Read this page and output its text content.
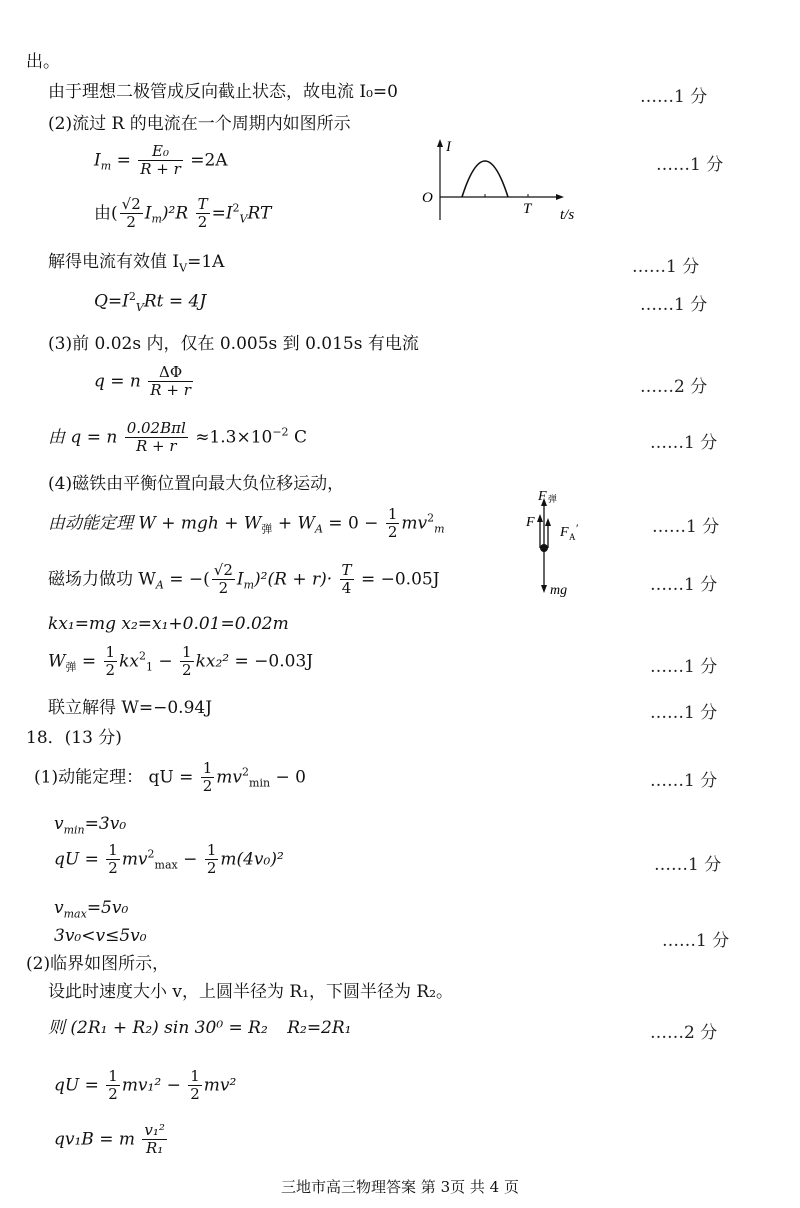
出。
由于理想二极管成反向截止状态，故电流 I₀=0	……1 分
(2)流过 R 的电流在一个周期内如图所示
$I_m = \frac{\text{E₀}}{R + r} =2A$	……1 分
由( $\frac{√2}{2} I_m)^2R \frac{T}{2} =I^2_VRT$
I
O
T t/s
解得电流有效值 $I_V=1A$	……1 分
$Q=I^2_VRt = 4J$	……1 分
(3)前 0.02s 内，仅在 0.005s 到 0.015s 有电流
q = n $\frac{\Delta\Phi}{R + r}$	……2 分
由 q = n $\frac{\text{0.02Bπl}}{R + r} \approx 1.3\times 10^{-2}$ C	……1 分
(4)磁铁由平衡位置向最大负位移运动，
由动能定理 W + mgh + $W_弹 + W_A = 0 - \frac{1}{2} mv^2_m$	……1 分
F 弹
F
F A
′
mg
磁场力做功 $W_A$ = −( $\frac{√2}{2} I_m)^2(R + r)\cdot \frac{T}{4} = -0.05J$	……1 分
kx₁=mg x₂=x₁+0.01=0.02m
$W_弹 = \frac{1}{2} kx^2_1 - \frac{1}{2} kx_2^2 = -0.03J$	……1 分
联立解得 W=−0.94J	……1 分
18．(13 分)
(1)动能定理： qU = $\frac{1}{2} mv^2_{min} - 0$	……1 分
$v_{min}=3v_0$
qU = $\frac{1}{2} mv^2_{max} - \frac{1}{2} m(4v_0)^2$	……1 分
$v_{max}=5v_0$
3v₀<v≤5v₀	……1 分
(2)临界如图所示，
设此时速度大小 v，上圆半径为 R₁，下圆半径为 R₂。
则 (2R₁ + R₂) sin 30⁰ = R₂ R₂=2R₁	……2 分
qU = $\frac{1}{2} mv_1^2 - \frac{1}{2} mv^2$
qv₁B = m $\frac{\text{v₁²}}{\text{R₁}}$
三地市高三物理答案 第 3页 共 4 页
